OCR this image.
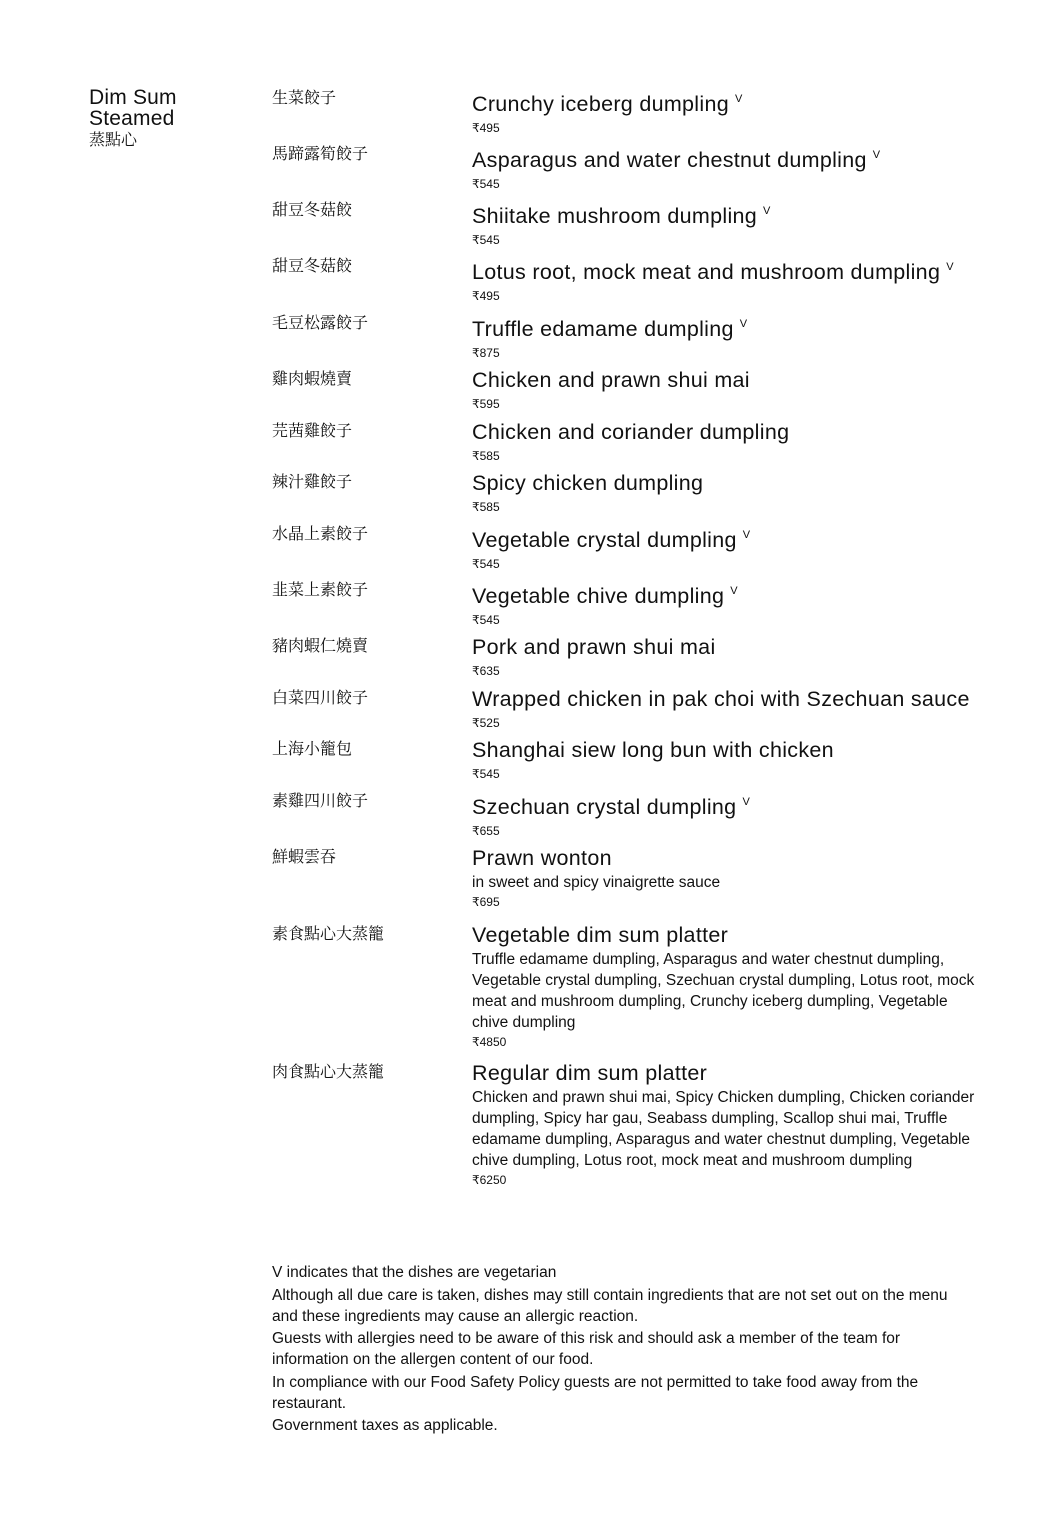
Dim Sum
Steamed
蒸點心
生菜餃子	Crunchy iceberg dumpling $^V$
₹495
馬蹄露筍餃子	Asparagus and water chestnut dumpling $^V$
₹545
甜豆冬菇餃	Shiitake mushroom dumpling $^V$
₹545
甜豆冬菇餃	Lotus root, mock meat and mushroom dumpling $^V$
₹495
毛豆松露餃子	Truffle edamame dumpling $^V$
₹875
雞肉蝦燒賣	Chicken and prawn shui mai
₹595
芫茜雞餃子	Chicken and coriander dumpling
₹585
辣汁雞餃子	Spicy chicken dumpling
₹585
水晶上素餃子	Vegetable crystal dumpling $^V$
₹545
韭菜上素餃子	Vegetable chive dumpling $^V$
₹545
豬肉蝦仁燒賣	Pork and prawn shui mai
₹635
白菜四川餃子	Wrapped chicken in pak choi with Szechuan sauce
₹525
上海小籠包	Shanghai siew long bun with chicken
₹545
素雞四川餃子	Szechuan crystal dumpling $^V$
₹655
鮮蝦雲吞	Prawn wonton
in sweet and spicy vinaigrette sauce
₹695
素食點心大蒸籠	Vegetable dim sum platter
Truffle edamame dumpling, Asparagus and water chestnut dumpling, Vegetable crystal dumpling, Szechuan crystal dumpling, Lotus root, mock meat and mushroom dumpling, Crunchy iceberg dumpling, Vegetable chive dumpling
₹4850
肉食點心大蒸籠	Regular dim sum platter
Chicken and prawn shui mai, Spicy Chicken dumpling, Chicken coriander dumpling, Spicy har gau, Seabass dumpling, Scallop shui mai, Truffle edamame dumpling, Asparagus and water chestnut dumpling, Vegetable chive dumpling, Lotus root, mock meat and mushroom dumpling
₹6250

V indicates that the dishes are vegetarian

Although all due care is taken, dishes may still contain ingredients that are not set out on the menu and these ingredients may cause an allergic reaction.

Guests with allergies need to be aware of this risk and should ask a member of the team for information on the allergen content of our food.

In compliance with our Food Safety Policy guests are not permitted to take food away from the restaurant.

Government taxes as applicable.
